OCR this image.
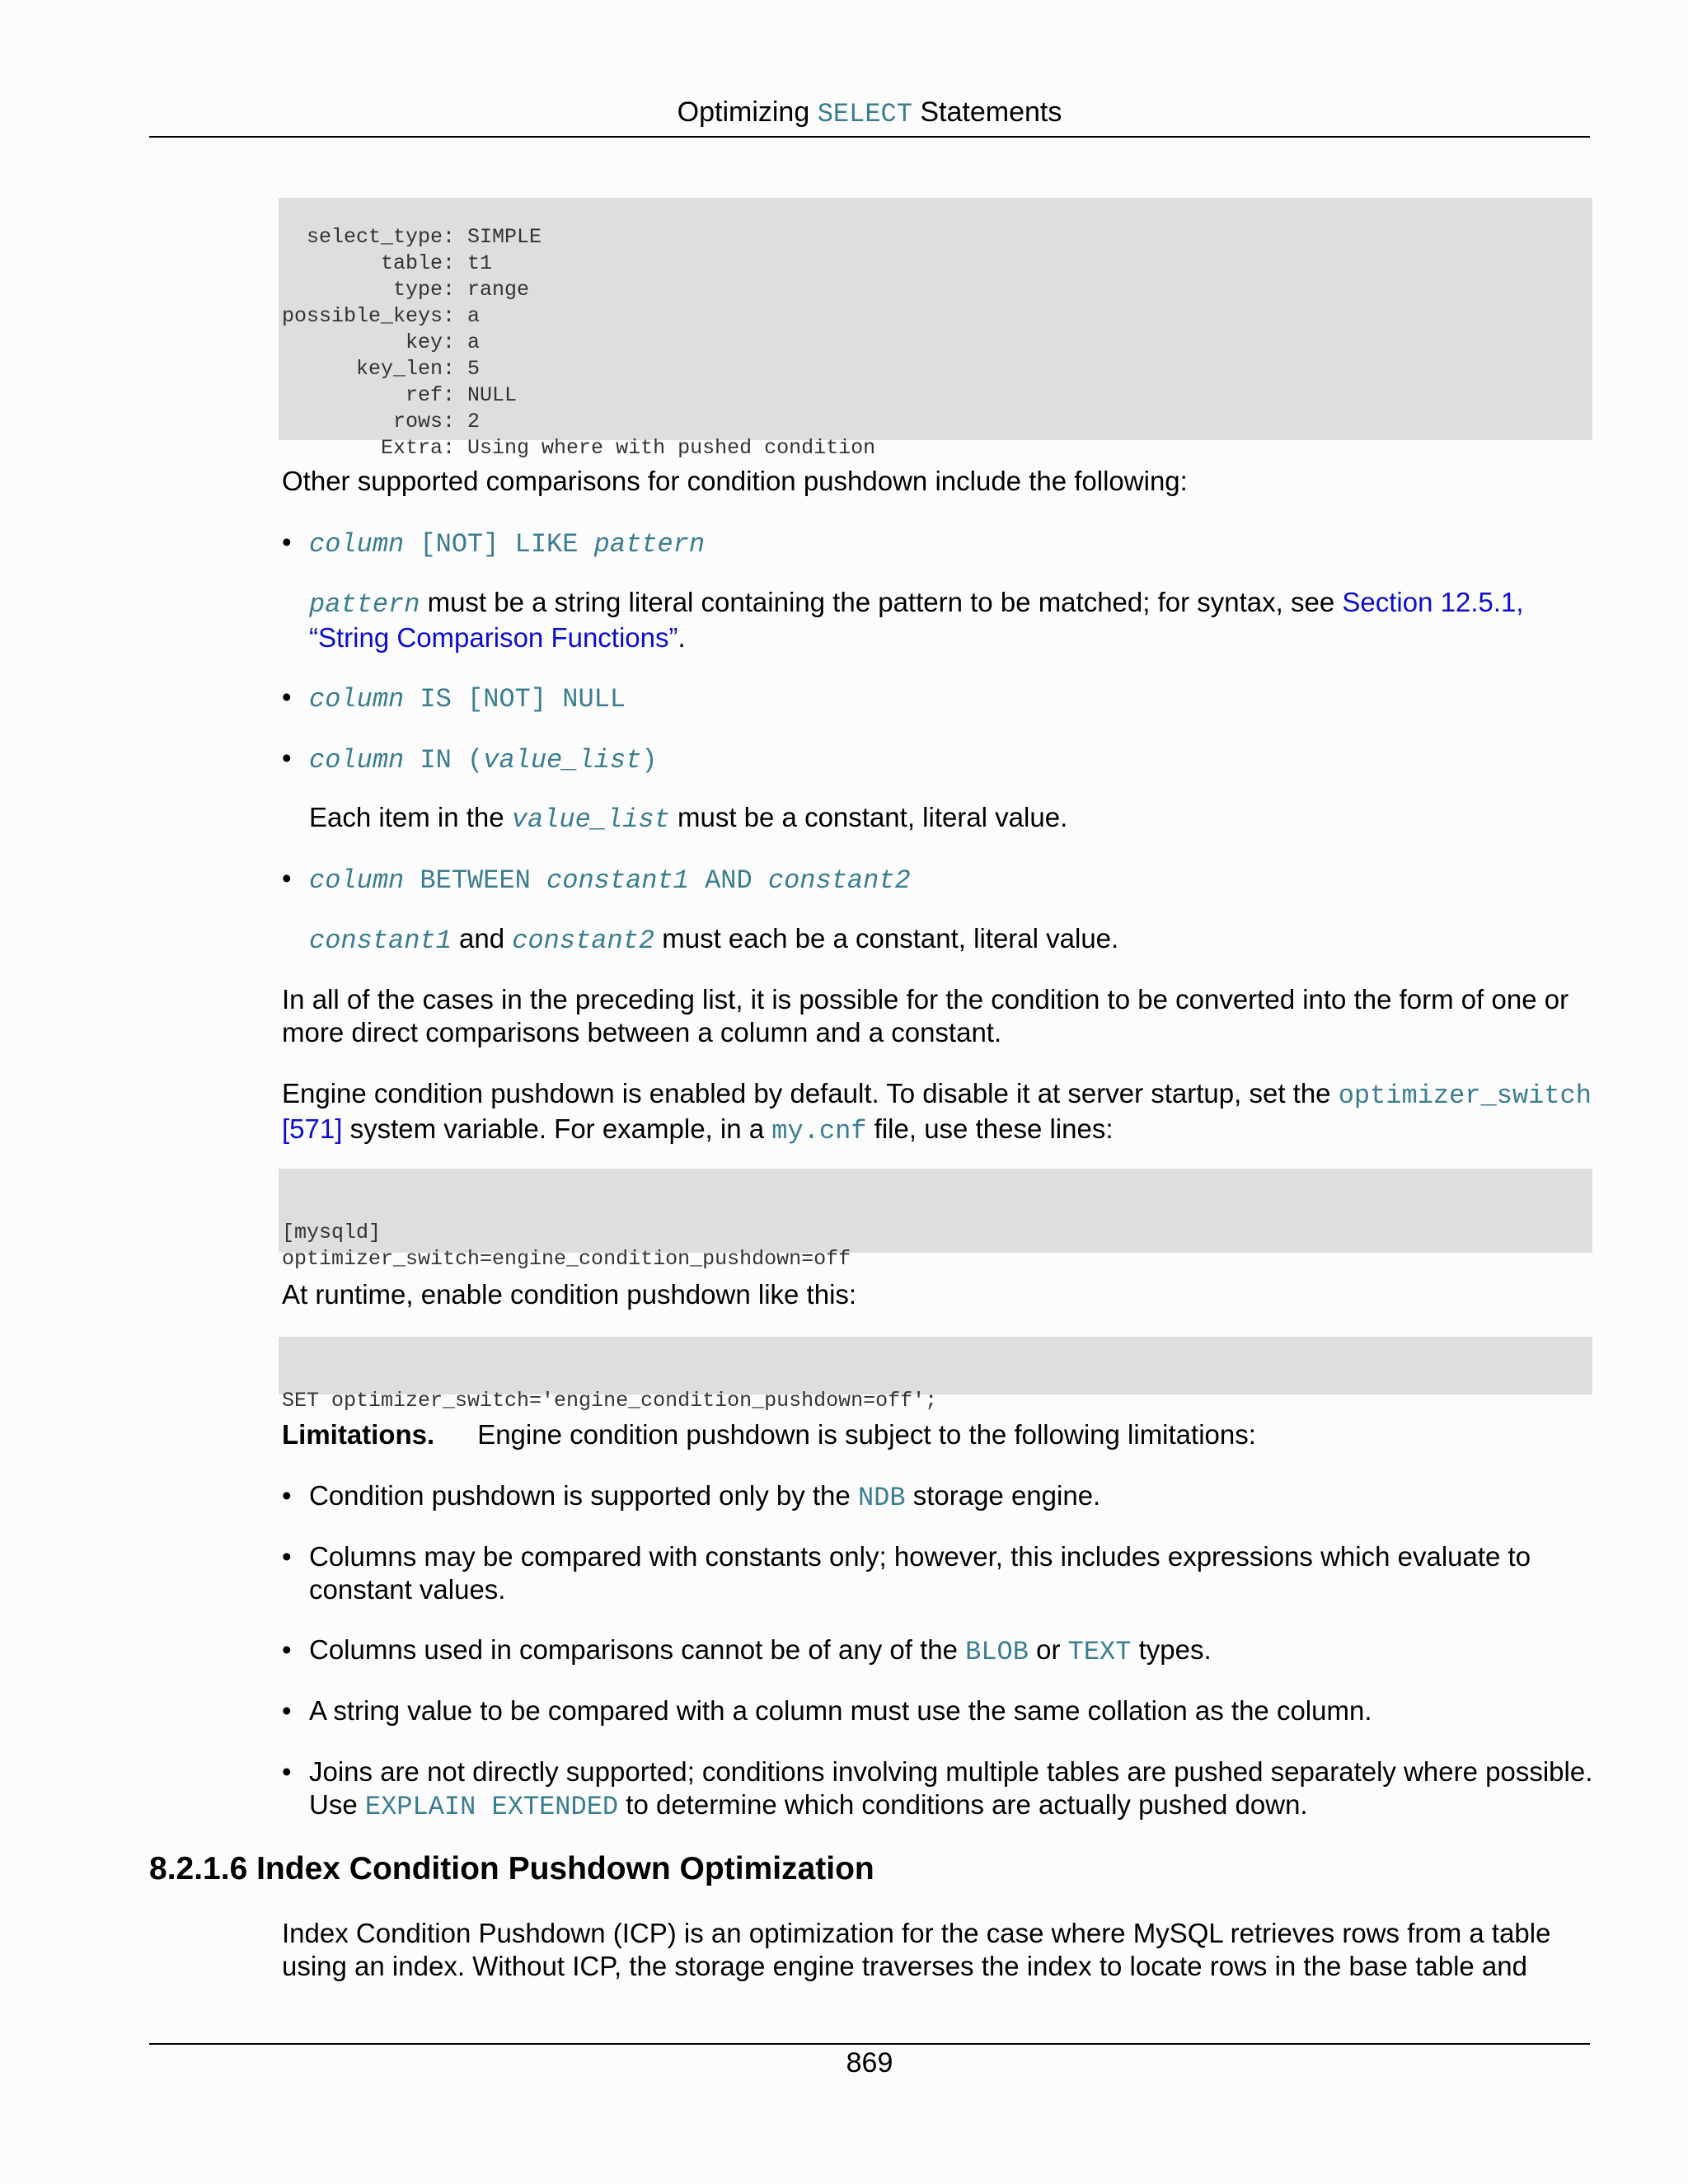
Optimizing SELECT Statements

select_type: SIMPLE
table: t1
type: range
possible_keys: a
key: a
key_len: 5
ref: NULL
rows: 2
Extra: Using where with pushed condition

Other supported comparisons for condition pushdown include the following:
• column [NOT] LIKE pattern
pattern must be a string literal containing the pattern to be matched; for syntax, see Section 12.5.1, “String Comparison Functions”.
• column IS [NOT] NULL
• column IN (value_list)
Each item in the value_list must be a constant, literal value.
• column BETWEEN constant1 AND constant2
constant1 and constant2 must each be a constant, literal value.
In all of the cases in the preceding list, it is possible for the condition to be converted into the form of one or more direct comparisons between a column and a constant.
Engine condition pushdown is enabled by default. To disable it at server startup, set the optimizer_switch [571] system variable. For example, in a my.cnf file, use these lines:

[mysqld]
optimizer_switch=engine_condition_pushdown=off

At runtime, enable condition pushdown like this:

SET optimizer_switch='engine_condition_pushdown=off';

Limitations. Engine condition pushdown is subject to the following limitations:
• Condition pushdown is supported only by the NDB storage engine.
• Columns may be compared with constants only; however, this includes expressions which evaluate to constant values.
• Columns used in comparisons cannot be of any of the BLOB or TEXT types.
• A string value to be compared with a column must use the same collation as the column.
• Joins are not directly supported; conditions involving multiple tables are pushed separately where possible. Use EXPLAIN EXTENDED to determine which conditions are actually pushed down.
8.2.1.6 Index Condition Pushdown Optimization
Index Condition Pushdown (ICP) is an optimization for the case where MySQL retrieves rows from a table using an index. Without ICP, the storage engine traverses the index to locate rows in the base table and
869
